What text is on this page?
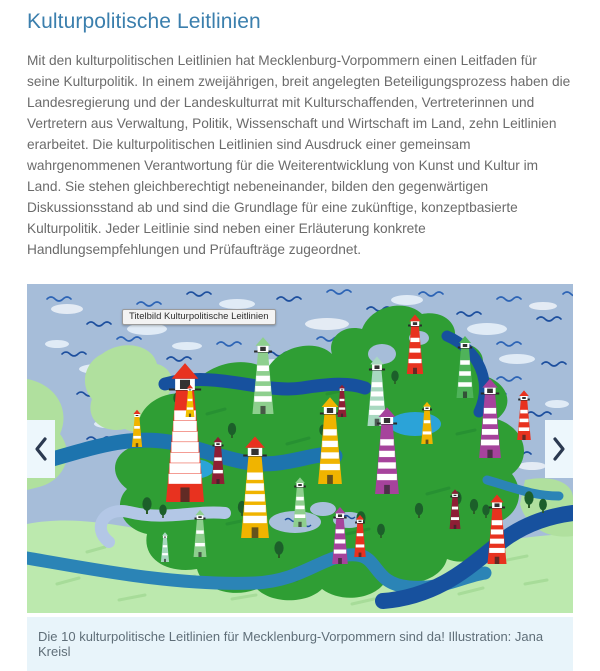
Kulturpolitische Leitlinien

Mit den kulturpolitischen Leitlinien hat Mecklenburg-Vorpommern einen Leitfaden für seine Kulturpolitik. In einem zweijährigen, breit angelegten Beteiligungsprozess haben die Landesregierung und der Landeskulturrat mit Kulturschaffenden, Vertreterinnen und Vertretern aus Verwaltung, Politik, Wissenschaft und Wirtschaft im Land, zehn Leitlinien erarbeitet. Die kulturpolitischen Leitlinien sind Ausdruck einer gemeinsam wahrgenommenen Verantwortung für die Weiterentwicklung von Kunst und Kultur im Land. Sie stehen gleichberechtigt nebeneinander, bilden den gegenwärtigen Diskussionsstand ab und sind die Grundlage für eine zukünftige, konzeptbasierte Kulturpolitik. Jeder Leitlinie sind neben einer Erläuterung konkrete Handlungsempfehlungen und Prüfaufträge zugeordnet.

Titelbild Kulturpolitische Leitlinien
Die 10 kulturpolitische Leitlinien für Mecklenburg-Vorpommern sind da! Illustration: Jana Kreisl
